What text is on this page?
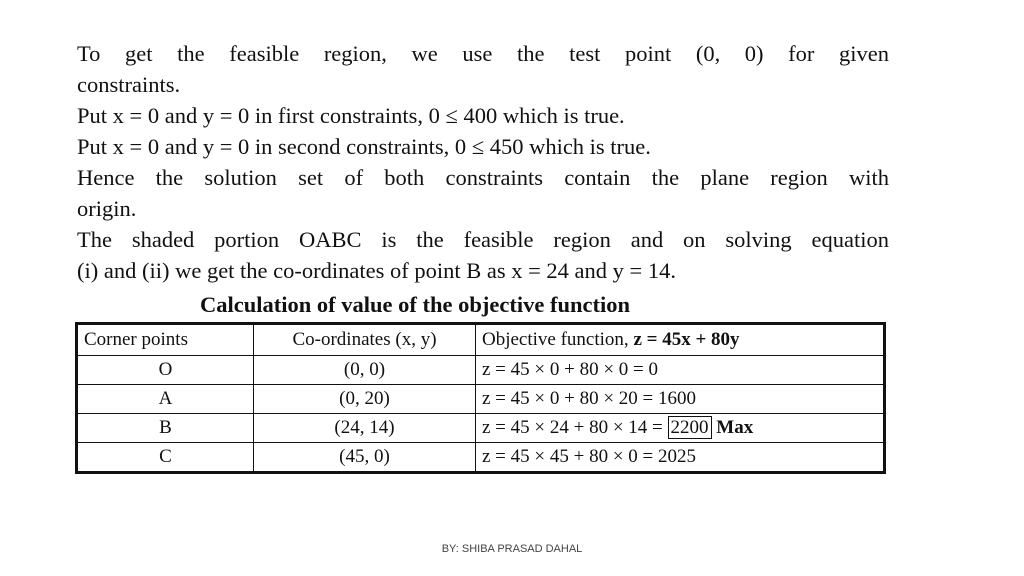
To get the feasible region, we use the test point (0, 0) for given
constraints.
Put x = 0 and y = 0 in first constraints, 0 ≤ 400 which is true.
Put x = 0 and y = 0 in second constraints, 0 ≤ 450 which is true.
Hence the solution set of both constraints contain the plane region with
origin.
The shaded portion OABC is the feasible region and on solving equation
(i) and (ii) we get the co-ordinates of point B as x = 24 and y = 14.
Calculation of value of the objective function
Corner points	Co-ordinates (x, y)	Objective function, z = 45x + 80y
O	(0, 0)	z = 45 × 0 + 80 × 0 = 0
A	(0, 20)	z = 45 × 0 + 80 × 20 = 1600
B	(24, 14)	z = 45 × 24 + 80 × 14 = 2200 Max
C	(45, 0)	z = 45 × 45 + 80 × 0 = 2025
BY: SHIBA PRASAD DAHAL
